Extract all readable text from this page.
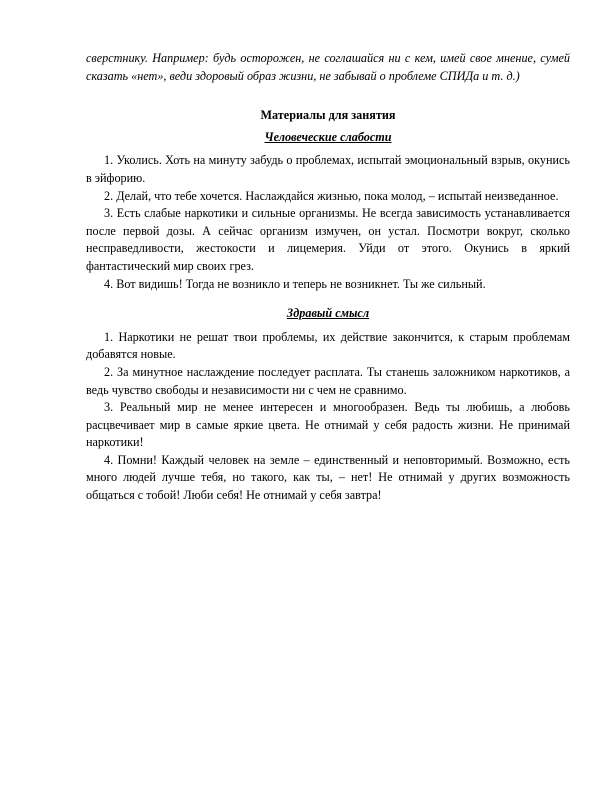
сверстнику. Например: будь осторожен, не соглашайся ни с кем, имей свое мнение, сумей сказать «нет», веди здоровый образ жизни, не забывай о проблеме СПИДа и т. д.)

Материалы для занятия

Человеческие слабости

1. Уколись. Хоть на минуту забудь о проблемах, испытай эмоциональный взрыв, окунись в эйфорию.

2. Делай, что тебе хочется. Наслаждайся жизнью, пока молод, – испытай неизведанное.

3. Есть слабые наркотики и сильные организмы. Не всегда зависимость устанавливается после первой дозы. А сейчас организм измучен, он устал. Посмотри вокруг, сколько несправедливости, жестокости и лицемерия. Уйди от этого. Окунись в яркий фантастический мир своих грез.

4. Вот видишь! Тогда не возникло и теперь не возникнет. Ты же сильный.

Здравый смысл

1. Наркотики не решат твои проблемы, их действие закончится, к старым проблемам добавятся новые.

2. За минутное наслаждение последует расплата. Ты станешь заложником наркотиков, а ведь чувство свободы и независимости ни с чем не сравнимо.

3. Реальный мир не менее интересен и многообразен. Ведь ты любишь, а любовь расцвечивает мир в самые яркие цвета. Не отнимай у себя радость жизни. Не принимай наркотики!

4. Помни! Каждый человек на земле – единственный и неповторимый. Возможно, есть много людей лучше тебя, но такого, как ты, – нет! Не отнимай у других возможность общаться с тобой! Люби себя! Не отнимай у себя завтра!
